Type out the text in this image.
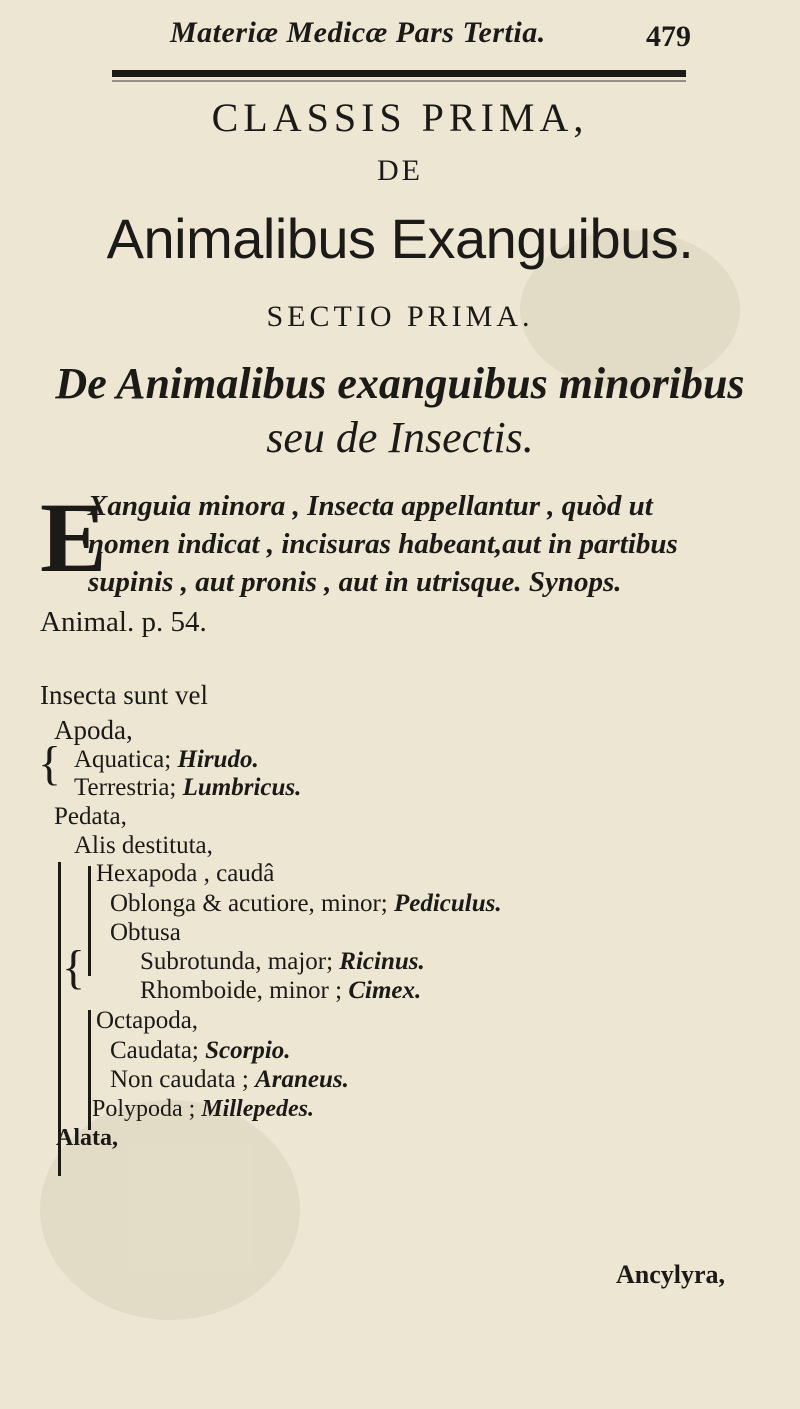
Materiæ Medicæ Pars Tertia.	479
CLASSIS PRIMA,
DE
Animalibus Exanguibus.
SECTIO PRIMA.
De Animalibus exanguibus minoribus
seu de Insectis.
E
Xanguia minora , Insecta appellantur , quòd ut
nomen indicat , incisuras habeant,aut in partibus
supinis , aut pronis , aut in utrisque. Synops.
Animal. p. 54.
Insecta sunt vel
Apoda,
{ Aquatica; Hirudo.
Terrestria; Lumbricus.
Pedata,
Alis destituta,
Hexapoda , caudâ
Oblonga & acutiore, minor; Pediculus.
Obtusa
{ Subrotunda, major; Ricinus.
Rhomboide, minor ; Cimex.
Octapoda,
Caudata; Scorpio.
Non caudata ; Araneus.
Polypoda ; Millepedes.
Alata,
Ancylyra,
